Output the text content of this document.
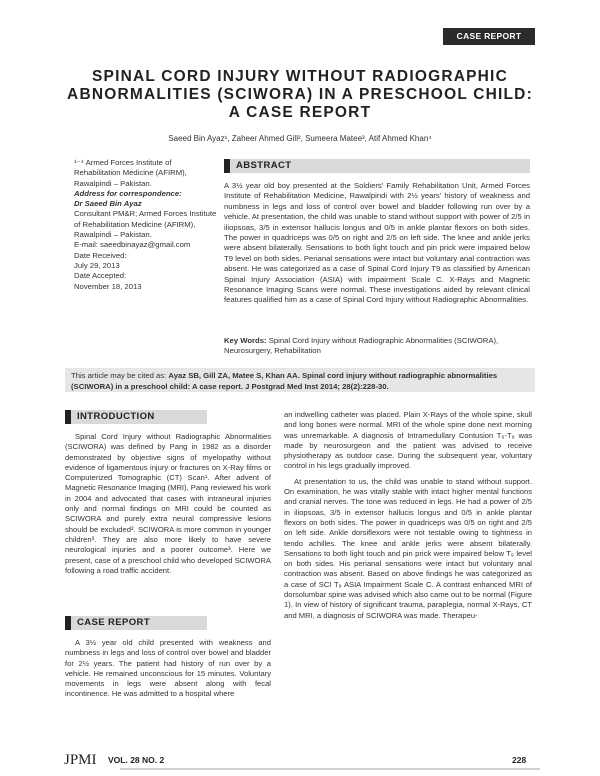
CASE REPORT
SPINAL CORD INJURY WITHOUT RADIOGRAPHIC ABNORMALITIES (SCIWORA) IN A PRESCHOOL CHILD: A CASE REPORT
Saeed Bin Ayaz¹, Zaheer Ahmed Gill², Sumeera Matee³, Atif Ahmed Khan⁴
¹⁻⁴ Armed Forces Institute of Rehabilitation Medicine (AFIRM), Rawalpindi – Pakistan.
Address for correspondence:
Dr Saeed Bin Ayaz
Consultant PM&R; Armed Forces Institute of Rehabilitation Medicine (AFIRM), Rawalpindi – Pakistan.
E-mail: saeedbinayaz@gmail.com
Date Received:
July 29, 2013
Date Accepted:
November 18, 2013
ABSTRACT
A 3½ year old boy presented at the Soldiers' Family Rehabilitation Unit, Armed Forces Institute of Rehabilitation Medicine, Rawalpindi with 2½ years' history of weakness and numbness in legs and loss of control over bowel and bladder following run over by a vehicle. At presentation, the child was unable to stand without support with power of 2/5 in iliopsoas, 3/5 in extensor hallucis longus and 0/5 in ankle plantar flexors on both sides. The power in quadriceps was 0/5 on right and 2/5 on left side. The knee and ankle jerks were absent bilaterally. Sensations to both light touch and pin prick were impaired below T9 level on both sides. Perianal sensations were intact but voluntary anal contraction was absent. He was categorized as a case of Spinal Cord Injury T9 as classified by American Spinal Injury Association (ASIA) with impairment Scale C. X-Rays and Magnetic Resonance Imaging Scans were normal. These investigations aided by relevant clinical features qualified him as a case of Spinal Cord Injury without Radiographic Abnormalities.
Key Words: Spinal Cord Injury without Radiographic Abnormalities (SCIWORA), Neurosurgery, Rehabilitation
This article may be cited as: Ayaz SB, Gill ZA, Matee S, Khan AA. Spinal cord injury without radiographic abnormalities (SCIWORA) in a preschool child: A case report. J Postgrad Med Inst 2014; 28(2):228-30.
INTRODUCTION

Spinal Cord Injury without Radiographic Abnormalities (SCIWORA) was defined by Pang in 1982 as a disorder demonstrated by objective signs of myelopathy without evidence of ligamentous injury or fractures on X-Ray films or Computerized Tomographic (CT) Scan¹. After advent of Magnetic Resonance Imaging (MRI), Pang reviewed his work in 2004 and advocated that cases with intraneural injuries only and normal findings on MRI could be counted as SCIWORA and purely extra neural compressive lesions should be excluded². SCIWORA is more common in younger children³. They are also more likely to have severe neurological injuries and a poorer outcome³. Here we present, case of a preschool child who developed SCIWORA following a road traffic accident.

CASE REPORT

A 3½ year old child presented with weakness and numbness in legs and loss of control over bowel and bladder for 2½ years. The patient had history of run over by a vehicle. He remained unconscious for 15 minutes. Voluntary movements in legs were absent along with fecal incontinence. He was admitted to a hospital where

an indwelling catheter was placed. Plain X-Rays of the whole spine, skull and long bones were normal. MRI of the whole spine done next morning was unremarkable. A diagnosis of Intramedullary Contusion T₆-T₈ was made by neurosurgeon and the patient was advised to receive physiotherapy as outdoor case. During the subsequent year, voluntary control in his legs gradually improved.

At presentation to us, the child was unable to stand without support. On examination, he was vitally stable with intact higher mental functions and cranial nerves. The tone was reduced in legs. He had a power of 2/5 in iliopsoas, 3/5 in extensor hallucis longus and 0/5 in ankle plantar flexors on both sides. The power in quadriceps was 0/5 on right and 2/5 on left side. Ankle dorsiflexors were not testable owing to tightness in tendo achilles. The knee and ankle jerks were absent bilaterally. Sensations to both light touch and pin prick were impaired below T₉ level on both sides. His perianal sensations were intact but voluntary anal contraction was absent. Based on above findings he was categorized as a case of SCI T₉ ASIA Impairment Scale C. A contrast enhanced MRI of dorsolumbar spine was advised which also came out to be normal (Figure 1). In view of history of significant trauma, paraplegia, normal X-Rays, CT and MRI, a diagnosis of SCIWORA was made. Therapeu-

JPMI VOL. 28 NO. 2	228
